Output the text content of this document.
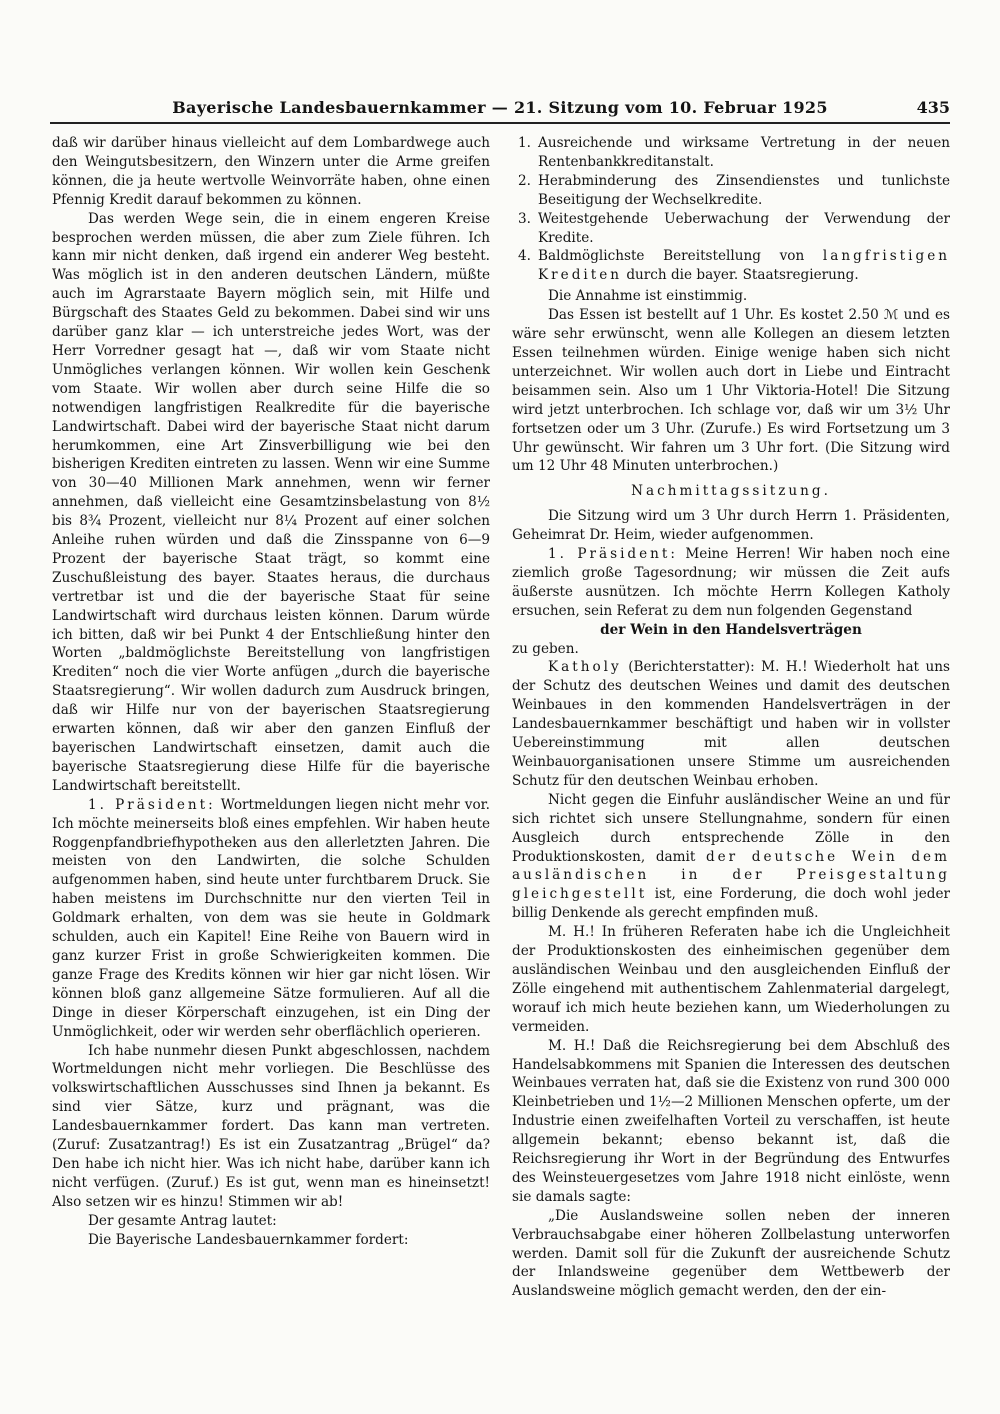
Bayerische Landesbauernkammer — 21. Sitzung vom 10. Februar 1925	435

daß wir darüber hinaus vielleicht auf dem Lombardwege auch den Weingutsbesitzern, den Winzern unter die Arme greifen können, die ja heute wertvolle Weinvorräte haben, ohne einen Pfennig Kredit darauf bekommen zu können.

Das werden Wege sein, die in einem engeren Kreise besprochen werden müssen, die aber zum Ziele führen. Ich kann mir nicht denken, daß irgend ein anderer Weg besteht. Was möglich ist in den anderen deutschen Ländern, müßte auch im Agrarstaate Bayern möglich sein, mit Hilfe und Bürgschaft des Staates Geld zu bekommen. Dabei sind wir uns darüber ganz klar — ich unterstreiche jedes Wort, was der Herr Vorredner gesagt hat —, daß wir vom Staate nicht Unmögliches verlangen können. Wir wollen kein Geschenk vom Staate. Wir wollen aber durch seine Hilfe die so notwendigen langfristigen Realkredite für die bayerische Landwirtschaft. Dabei wird der bayerische Staat nicht darum herumkommen, eine Art Zinsverbilligung wie bei den bisherigen Krediten eintreten zu lassen. Wenn wir eine Summe von 30—40 Millionen Mark annehmen, wenn wir ferner annehmen, daß vielleicht eine Gesamtzinsbelastung von 8½ bis 8¾ Prozent, vielleicht nur 8¼ Prozent auf einer solchen Anleihe ruhen würden und daß die Zinsspanne von 6—9 Prozent der bayerische Staat trägt, so kommt eine Zuschußleistung des bayer. Staates heraus, die durchaus vertretbar ist und die der bayerische Staat für seine Landwirtschaft wird durchaus leisten können. Darum würde ich bitten, daß wir bei Punkt 4 der Entschließung hinter den Worten „baldmöglichste Bereitstellung von langfristigen Krediten“ noch die vier Worte anfügen „durch die bayerische Staatsregierung“. Wir wollen dadurch zum Ausdruck bringen, daß wir Hilfe nur von der bayerischen Staatsregierung erwarten können, daß wir aber den ganzen Einfluß der bayerischen Landwirtschaft einsetzen, damit auch die bayerische Staatsregierung diese Hilfe für die bayerische Landwirtschaft bereitstellt.

1. Präsident: Wortmeldungen liegen nicht mehr vor. Ich möchte meinerseits bloß eines empfehlen. Wir haben heute Roggenpfandbriefhypotheken aus den allerletzten Jahren. Die meisten von den Landwirten, die solche Schulden aufgenommen haben, sind heute unter furchtbarem Druck. Sie haben meistens im Durchschnitte nur den vierten Teil in Goldmark erhalten, von dem was sie heute in Goldmark schulden, auch ein Kapitel! Eine Reihe von Bauern wird in ganz kurzer Frist in große Schwierigkeiten kommen. Die ganze Frage des Kredits können wir hier gar nicht lösen. Wir können bloß ganz allgemeine Sätze formulieren. Auf all die Dinge in dieser Körperschaft einzugehen, ist ein Ding der Unmöglichkeit, oder wir werden sehr oberflächlich operieren.

Ich habe nunmehr diesen Punkt abgeschlossen, nachdem Wortmeldungen nicht mehr vorliegen. Die Beschlüsse des volkswirtschaftlichen Ausschusses sind Ihnen ja bekannt. Es sind vier Sätze, kurz und prägnant, was die Landesbauernkammer fordert. Das kann man vertreten. (Zuruf: Zusatzantrag!) Es ist ein Zusatzantrag „Brügel“ da? Den habe ich nicht hier. Was ich nicht habe, darüber kann ich nicht verfügen. (Zuruf.) Es ist gut, wenn man es hineinsetzt! Also setzen wir es hinzu! Stimmen wir ab!

Der gesamte Antrag lautet:

Die Bayerische Landesbauernkammer fordert:

1. Ausreichende und wirksame Vertretung in der neuen Rentenbankkreditanstalt.
2. Herabminderung des Zinsendienstes und tunlichste Beseitigung der Wechselkredite.
3. Weitestgehende Ueberwachung der Verwendung der Kredite.
4. Baldmöglichste Bereitstellung von langfristigen Krediten durch die bayer. Staatsregierung.

Die Annahme ist einstimmig.

Das Essen ist bestellt auf 1 Uhr. Es kostet 2.50 ℳ und es wäre sehr erwünscht, wenn alle Kollegen an diesem letzten Essen teilnehmen würden. Einige wenige haben sich nicht unterzeichnet. Wir wollen auch dort in Liebe und Eintracht beisammen sein. Also um 1 Uhr Viktoria-Hotel! Die Sitzung wird jetzt unterbrochen. Ich schlage vor, daß wir um 3½ Uhr fortsetzen oder um 3 Uhr. (Zurufe.) Es wird Fortsetzung um 3 Uhr gewünscht. Wir fahren um 3 Uhr fort. (Die Sitzung wird um 12 Uhr 48 Minuten unterbrochen.)

Nachmittagssitzung.

Die Sitzung wird um 3 Uhr durch Herrn 1. Präsidenten, Geheimrat Dr. Heim, wieder aufgenommen.

1. Präsident: Meine Herren! Wir haben noch eine ziemlich große Tagesordnung; wir müssen die Zeit aufs äußerste ausnützen. Ich möchte Herrn Kollegen Katholy ersuchen, sein Referat zu dem nun folgenden Gegenstand

der Wein in den Handelsverträgen

zu geben.

Katholy (Berichterstatter): M. H.! Wiederholt hat uns der Schutz des deutschen Weines und damit des deutschen Weinbaues in den kommenden Handelsverträgen in der Landesbauernkammer beschäftigt und haben wir in vollster Uebereinstimmung mit allen deutschen Weinbauorganisationen unsere Stimme um ausreichenden Schutz für den deutschen Weinbau erhoben.

Nicht gegen die Einfuhr ausländischer Weine an und für sich richtet sich unsere Stellungnahme, sondern für einen Ausgleich durch entsprechende Zölle in den Produktionskosten, damit der deutsche Wein dem ausländischen in der Preisgestaltung gleichgestellt ist, eine Forderung, die doch wohl jeder billig Denkende als gerecht empfinden muß.

M. H.! In früheren Referaten habe ich die Ungleichheit der Produktionskosten des einheimischen gegenüber dem ausländischen Weinbau und den ausgleichenden Einfluß der Zölle eingehend mit authentischem Zahlenmaterial dargelegt, worauf ich mich heute beziehen kann, um Wiederholungen zu vermeiden.

M. H.! Daß die Reichsregierung bei dem Abschluß des Handelsabkommens mit Spanien die Interessen des deutschen Weinbaues verraten hat, daß sie die Existenz von rund 300 000 Kleinbetrieben und 1½—2 Millionen Menschen opferte, um der Industrie einen zweifelhaften Vorteil zu verschaffen, ist heute allgemein bekannt; ebenso bekannt ist, daß die Reichsregierung ihr Wort in der Begründung des Entwurfes des Weinsteuergesetzes vom Jahre 1918 nicht einlöste, wenn sie damals sagte:

„Die Auslandsweine sollen neben der inneren Verbrauchsabgabe einer höheren Zollbelastung unterworfen werden. Damit soll für die Zukunft der ausreichende Schutz der Inlandsweine gegenüber dem Wettbewerb der Auslandsweine möglich gemacht werden, den der ein-
